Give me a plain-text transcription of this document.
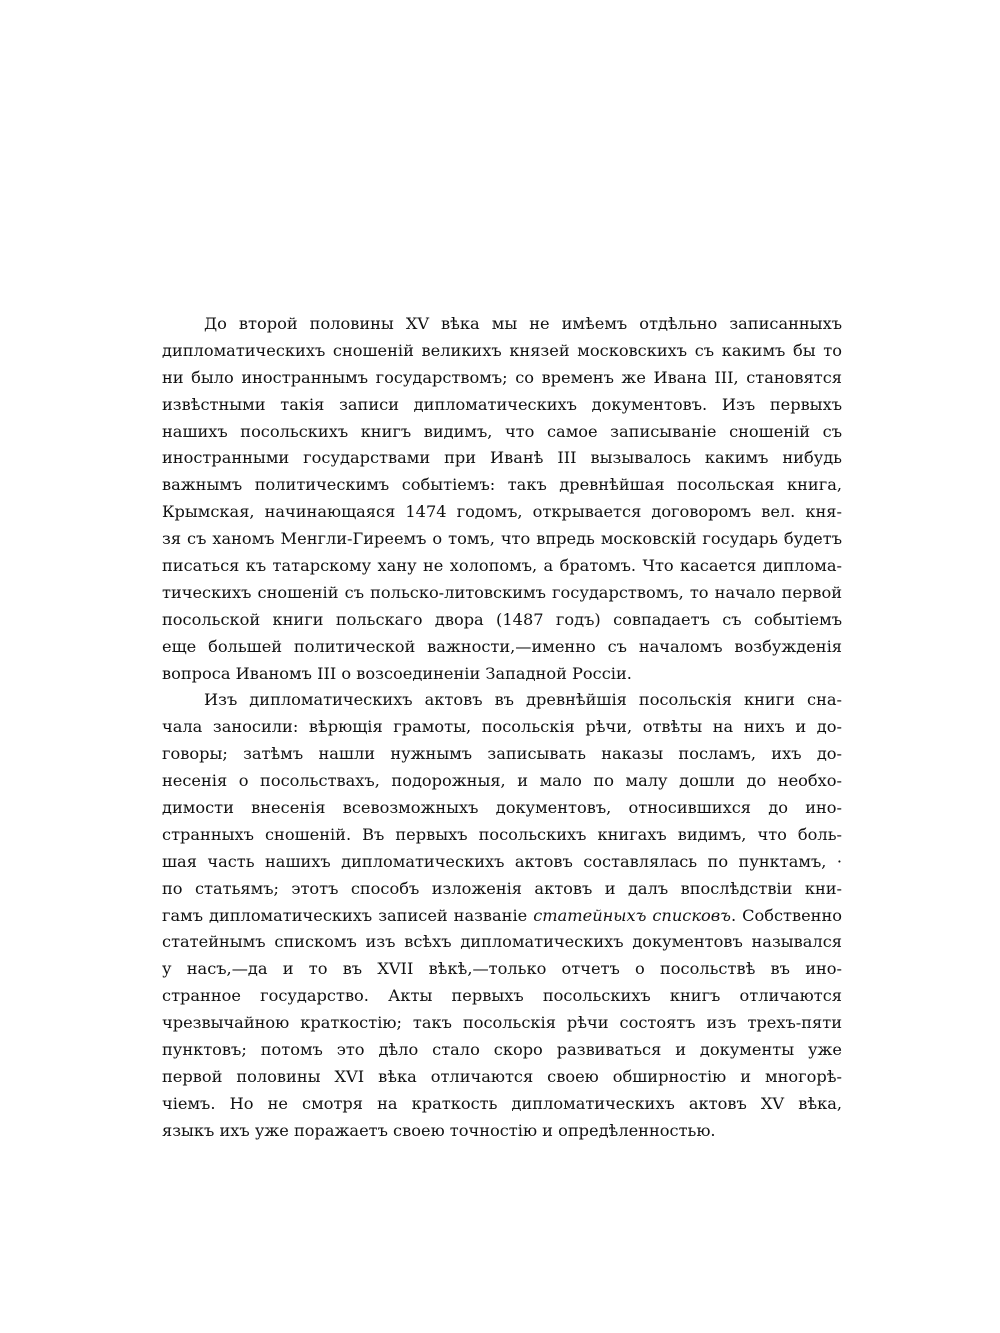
До второй половины XV вѣка мы не имѣемъ отдѣльно записанныхъ
дипломатическихъ сношеній великихъ князей московскихъ съ какимъ бы то
ни было иностраннымъ государствомъ; со временъ же Ивана III, становятся
извѣстными такія записи дипломатическихъ документовъ. Изъ первыхъ
нашихъ посольскихъ книгъ видимъ, что самое записываніе сношеній съ
иностранными государствами при Иванѣ III вызывалось какимъ нибудь
важнымъ политическимъ событіемъ: такъ древнѣйшая посольская книга,
Крымская, начинающаяся 1474 годомъ, открывается договоромъ вел. кня-
зя съ ханомъ Менгли-Гиреемъ о томъ, что впредь московскій государь будетъ
писаться къ татарскому хану не холопомъ, а братомъ. Что касается диплома-
тическихъ сношеній съ польско-литовскимъ государствомъ, то начало первой
посольской книги польскаго двора (1487 годъ) совпадаетъ съ событіемъ
еще большей политической важности,—именно съ началомъ возбужденія
вопроса Иваномъ III о возсоединеніи Западной Россіи.
Изъ дипломатическихъ актовъ въ древнѣйшія посольскія книги сна-
чала заносили: вѣрющія грамоты, посольскія рѣчи, отвѣты на нихъ и до-
говоры; затѣмъ нашли нужнымъ записывать наказы посламъ, ихъ до-
несенія о посольствахъ, подорожныя, и мало по малу дошли до необхо-
димости внесенія всевозможныхъ документовъ, относившихся до ино-
странныхъ сношеній. Въ первыхъ посольскихъ книгахъ видимъ, что боль-
шая часть нашихъ дипломатическихъ актовъ составлялась по пунктамъ, ·
по статьямъ; этотъ способъ изложенія актовъ и далъ впослѣдствіи кни-
гамъ дипломатическихъ записей названіе статейныхъ списковъ. Собственно
статейнымъ спискомъ изъ всѣхъ дипломатическихъ документовъ назывался
у насъ,—да и то въ XVII вѣкѣ,—только отчетъ о посольствѣ въ ино-
странное государство. Акты первыхъ посольскихъ книгъ отличаются
чрезвычайною краткостію; такъ посольскія рѣчи состоятъ изъ трехъ-пяти
пунктовъ; потомъ это дѣло стало скоро развиваться и документы уже
первой половины XVI вѣка отличаются своею обширностію и многорѣ-
чіемъ. Но не смотря на краткость дипломатическихъ актовъ XV вѣка,
языкъ ихъ уже поражаетъ своею точностію и опредѣленностью.
